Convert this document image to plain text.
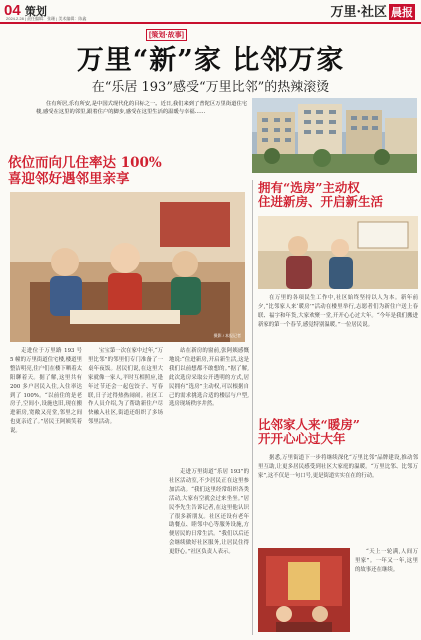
04 策划
2024.2.28 | 责任编辑：张珊 | 美术编辑：陈鑫	万里·社区 晨报
[策划·故事]
万里“新”家 比邻万家
在“乐居 193”感受“万里比邻”的热辣滚烫
住有所居,乐有所安,是中国式现代化的目标之一。近日,我们来到了普陀区万里街道住宅楼,感受在这里的邻里,跟着住户的脚步,感受在这里生活的温暖与幸福……
依位而向几住率达 100%
喜迎邻好遇邻里亲享
摄影 / 本报记者
拥有“选房”主动权
住进新房、开启新生活
比邻家人来“暖房”
开开心心过大年

走进位于万里路 193 号 5 幢的万里街道住宅楼,楼道里整洁明亮,住户们在楼下晒着太阳聊着天。据了解,这里共有 200 多户居民入住,入住率达到了 100%。“以前住的是老房子,空间小,设施也旧,现在搬进新房,宽敞又亮堂,邻里之间也更亲近了。”居民王阿姨笑着说。

宝宝第一次在家中过年,“万里比邻”的邻里们专门准备了一桌年夜饭。居民们说,在这里大家就像一家人,平时互相照应,逢年过节还会一起包饺子、写春联,日子过得热热闹闹。社区工作人员介绍,为了帮助新住户尽快融入社区,街道还组织了多场邻里活动。

站在新房的窗前,张阿姨感慨地说:“住进新房,开启新生活,这是我们以前想都不敢想的。”据了解,此次选房采取公开透明的方式,居民拥有“选房”主动权,可以根据自己的需求挑选合适的楼层与户型,选房现场秩序井然。

走进万里街道“乐居 193”的社区活动室,不少居民正在这里参加活动。“我们这里经常组织各类活动,大家有空就会过来坐坐。”居民李先生告诉记者,在这里他认识了很多新朋友。社区还设有老年助餐点、睦邻中心等服务设施,方便居民的日常生活。“我们以后还会继续做好社区服务,让居民住得更舒心。”社区负责人表示。

在万里的各项民生工作中,社区始终坚持以人为本。新年前夕,“比邻家人来‘暖房’”活动在楼里举行,志愿者们为新住户送上春联、福字和年货,大家欢聚一堂,开开心心过大年。“今年是我们搬进新家的第一个春节,感觉特别温暖。”一位居民说。

据悉,万里街道下一步将继续深化“万里比邻”品牌建设,推动邻里互助,让更多居民感受到社区大家庭的温暖。“万里比邻、比邻万家”,这不仅是一句口号,更是街道实实在在的行动。

“天上一轮满,人间万里家”。一年又一年,这里的故事还在继续。
